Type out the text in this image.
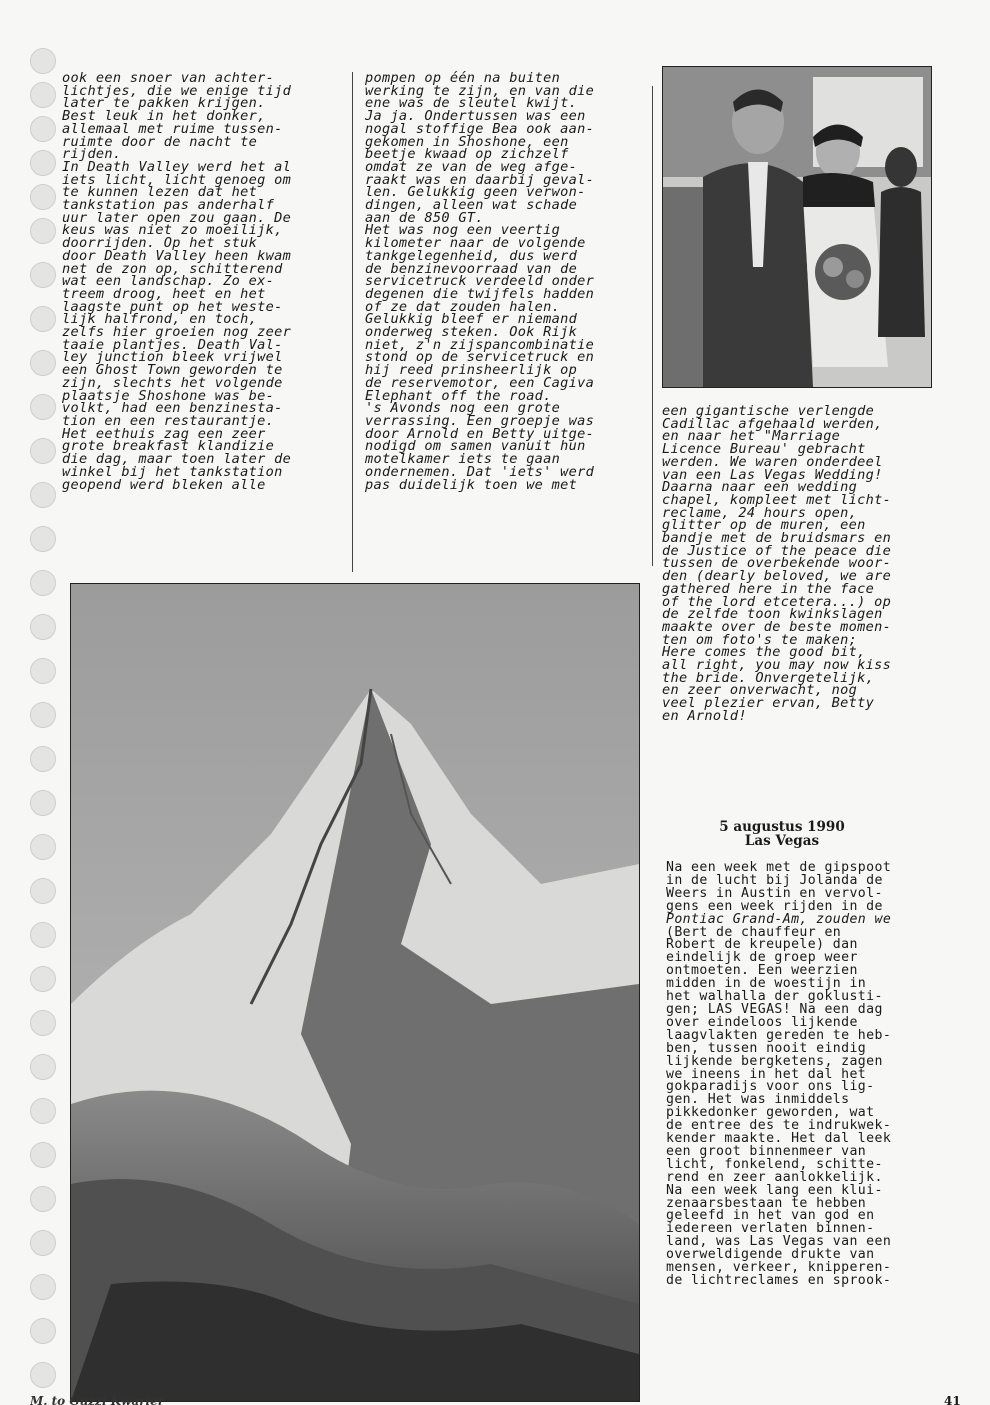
ook een snoer van achter-
lichtjes, die we enige tijd
later te pakken krijgen.
Best leuk in het donker,
allemaal met ruime tussen-
ruimte door de nacht te
rijden.
In Death Valley werd het al
iets licht, licht genoeg om
te kunnen lezen dat het
tankstation pas anderhalf
uur later open zou gaan. De
keus was niet zo moeilijk,
doorrijden. Op het stuk
door Death Valley heen kwam
net de zon op, schitterend
wat een landschap. Zo ex-
treem droog, heet en het
laagste punt op het weste-
lijk halfrond, en toch,
zelfs hier groeien nog zeer
taaie plantjes. Death Val-
ley junction bleek vrijwel
een Ghost Town geworden te
zijn, slechts het volgende
plaatsje Shoshone was be-
volkt, had een benzinesta-
tion en een restaurantje.
Het eethuis zag een zeer
grote breakfast klandizie
die dag, maar toen later de
winkel bij het tankstation
geopend werd bleken alle
pompen op één na buiten
werking te zijn, en van die
ene was de sleutel kwijt.
Ja ja. Ondertussen was een
nogal stoffige Bea ook aan-
gekomen in Shoshone, een
beetje kwaad op zichzelf
omdat ze van de weg afge-
raakt was en daarbij geval-
len. Gelukkig geen verwon-
dingen, alleen wat schade
aan de 850 GT.
Het was nog een veertig
kilometer naar de volgende
tankgelegenheid, dus werd
de benzinevoorraad van de
servicetruck verdeeld onder
degenen die twijfels hadden
of ze dat zouden halen.
Gelukkig bleef er niemand
onderweg steken. Ook Rijk
niet, z'n zijspancombinatie
stond op de servicetruck en
hij reed prinsheerlijk op
de reservemotor, een Cagiva
Elephant off the road.
's Avonds nog een grote
verrassing. Een groepje was
door Arnold en Betty uitge-
nodigd om samen vanuit hun
motelkamer iets te gaan
ondernemen. Dat 'iets' werd
pas duidelijk toen we met
een gigantische verlengde
Cadillac afgehaald werden,
en naar het "Marriage
Licence Bureau' gebracht
werden. We waren onderdeel
van een Las Vegas Wedding!
Daarna naar een wedding
chapel, kompleet met licht-
reclame, 24 hours open,
glitter op de muren, een
bandje met de bruidsmars en
de Justice of the peace die
tussen de overbekende woor-
den (dearly beloved, we are
gathered here in the face
of the lord etcetera...) op
de zelfde toon kwinkslagen
maakte over de beste momen-
ten om foto's te maken;
Here comes the good bit,
all right, you may now kiss
the bride. Onvergetelijk,
en zeer onverwacht, nog
veel plezier ervan, Betty
en Arnold!
5 augustus 1990
Las Vegas
Na een week met de gipspoot
in de lucht bij Jolanda de
Weers in Austin en vervol-
gens een week rijden in de
Pontiac Grand-Am, zouden we
(Bert de chauffeur en
Robert de kreupele) dan
eindelijk de groep weer
ontmoeten. Een weerzien
midden in de woestijn in
het walhalla der goklusti-
gen; LAS VEGAS! Na een dag
over eindeloos lijkende
laagvlakten gereden te heb-
ben, tussen nooit eindig
lijkende bergketens, zagen
we ineens in het dal het
gokparadijs voor ons lig-
gen. Het was inmiddels
pikkedonker geworden, wat
de entree des te indrukwek-
kender maakte. Het dal leek
een groot binnenmeer van
licht, fonkelend, schitte-
rend en zeer aanlokkelijk.
Na een week lang een klui-
zenaarsbestaan te hebben
geleefd in het van god en
iedereen verlaten binnen-
land, was Las Vegas van een
overweldigende drukte van
mensen, verkeer, knipperen-
de lichtreclames en sprook-
M. to Guzzi Kwarier	41
